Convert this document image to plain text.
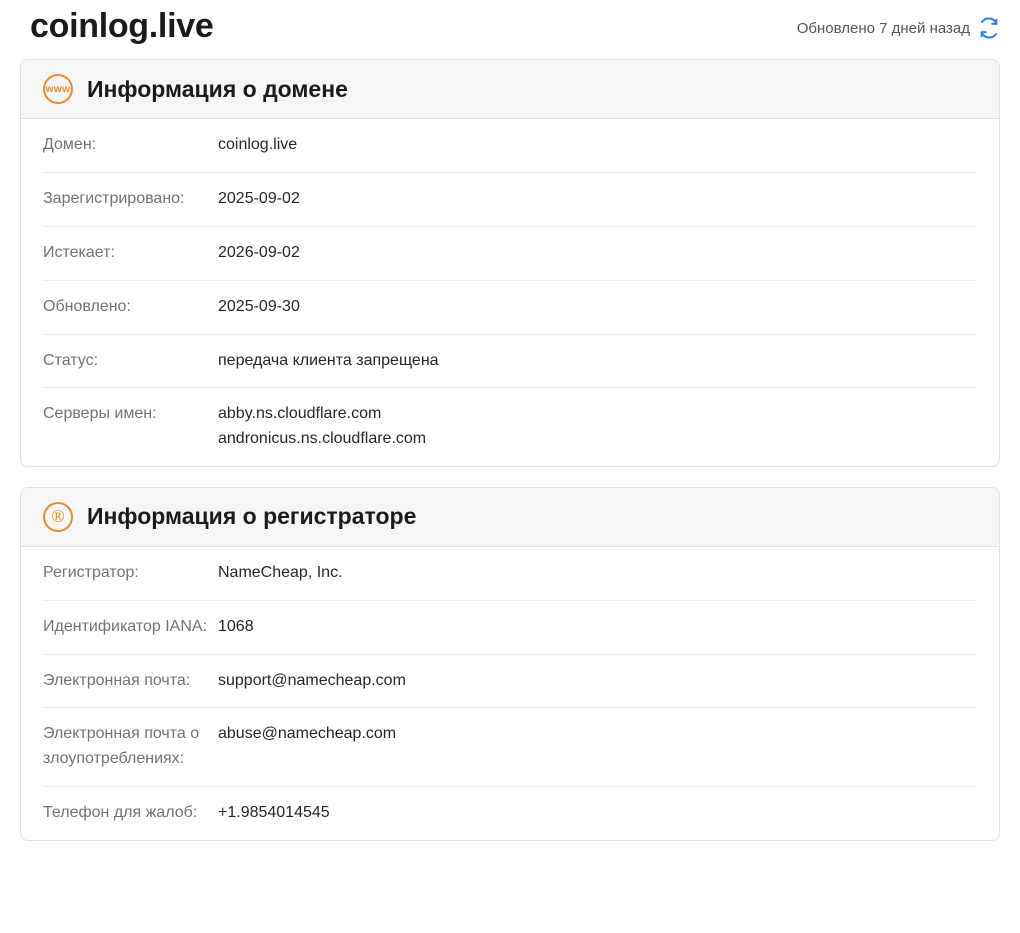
coinlog.live	Обновлено 7 дней назад
www Информация о домене
Домен:	coinlog.live
Зарегистрировано:	2025-09-02
Истекает:	2026-09-02
Обновлено:	2025-09-30
Статус:	передача клиента запрещена
Серверы имен:	abby.ns.cloudflare.com
andronicus.ns.cloudflare.com
® Информация о регистраторе
Регистратор:	NameCheap, Inc.
Идентификатор IANA: 1068
Электронная почта:	support@namecheap.com
Электронная почта о злоупотреблениях:
abuse@namecheap.com
Телефон для жалоб:	+1.9854014545
